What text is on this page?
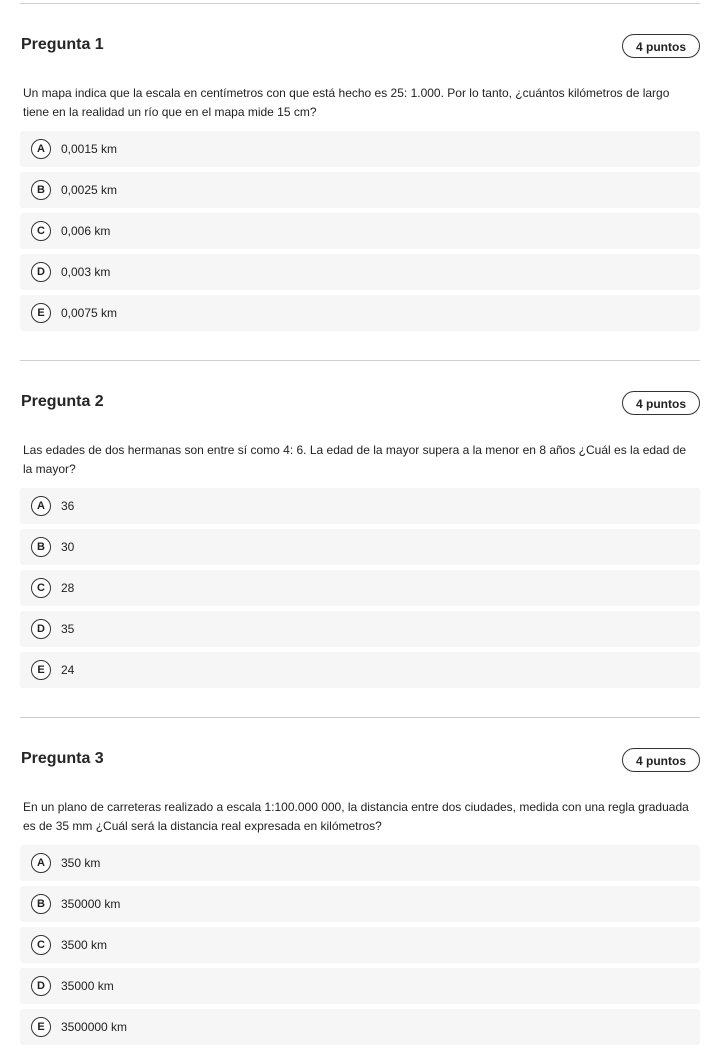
Pregunta 1	4 puntos

Un mapa indica que la escala en centímetros con que está hecho es 25: 1.000. Por lo tanto, ¿cuántos kilómetros de largo tiene en la realidad un río que en el mapa mide 15 cm?

A	0,0015 km
B	0,0025 km
C	0,006 km
D	0,003 km
E	0,0075 km
Pregunta 2	4 puntos

Las edades de dos hermanas son entre sí como 4: 6. La edad de la mayor supera a la menor en 8 años ¿Cuál es la edad de la mayor?

A	36
B	30
C	28
D	35
E	24
Pregunta 3	4 puntos

En un plano de carreteras realizado a escala 1:100.000 000, la distancia entre dos ciudades, medida con una regla graduada es de 35 mm ¿Cuál será la distancia real expresada en kilómetros?

A	350 km
B	350000 km
C	3500 km
D	35000 km
E	3500000 km
